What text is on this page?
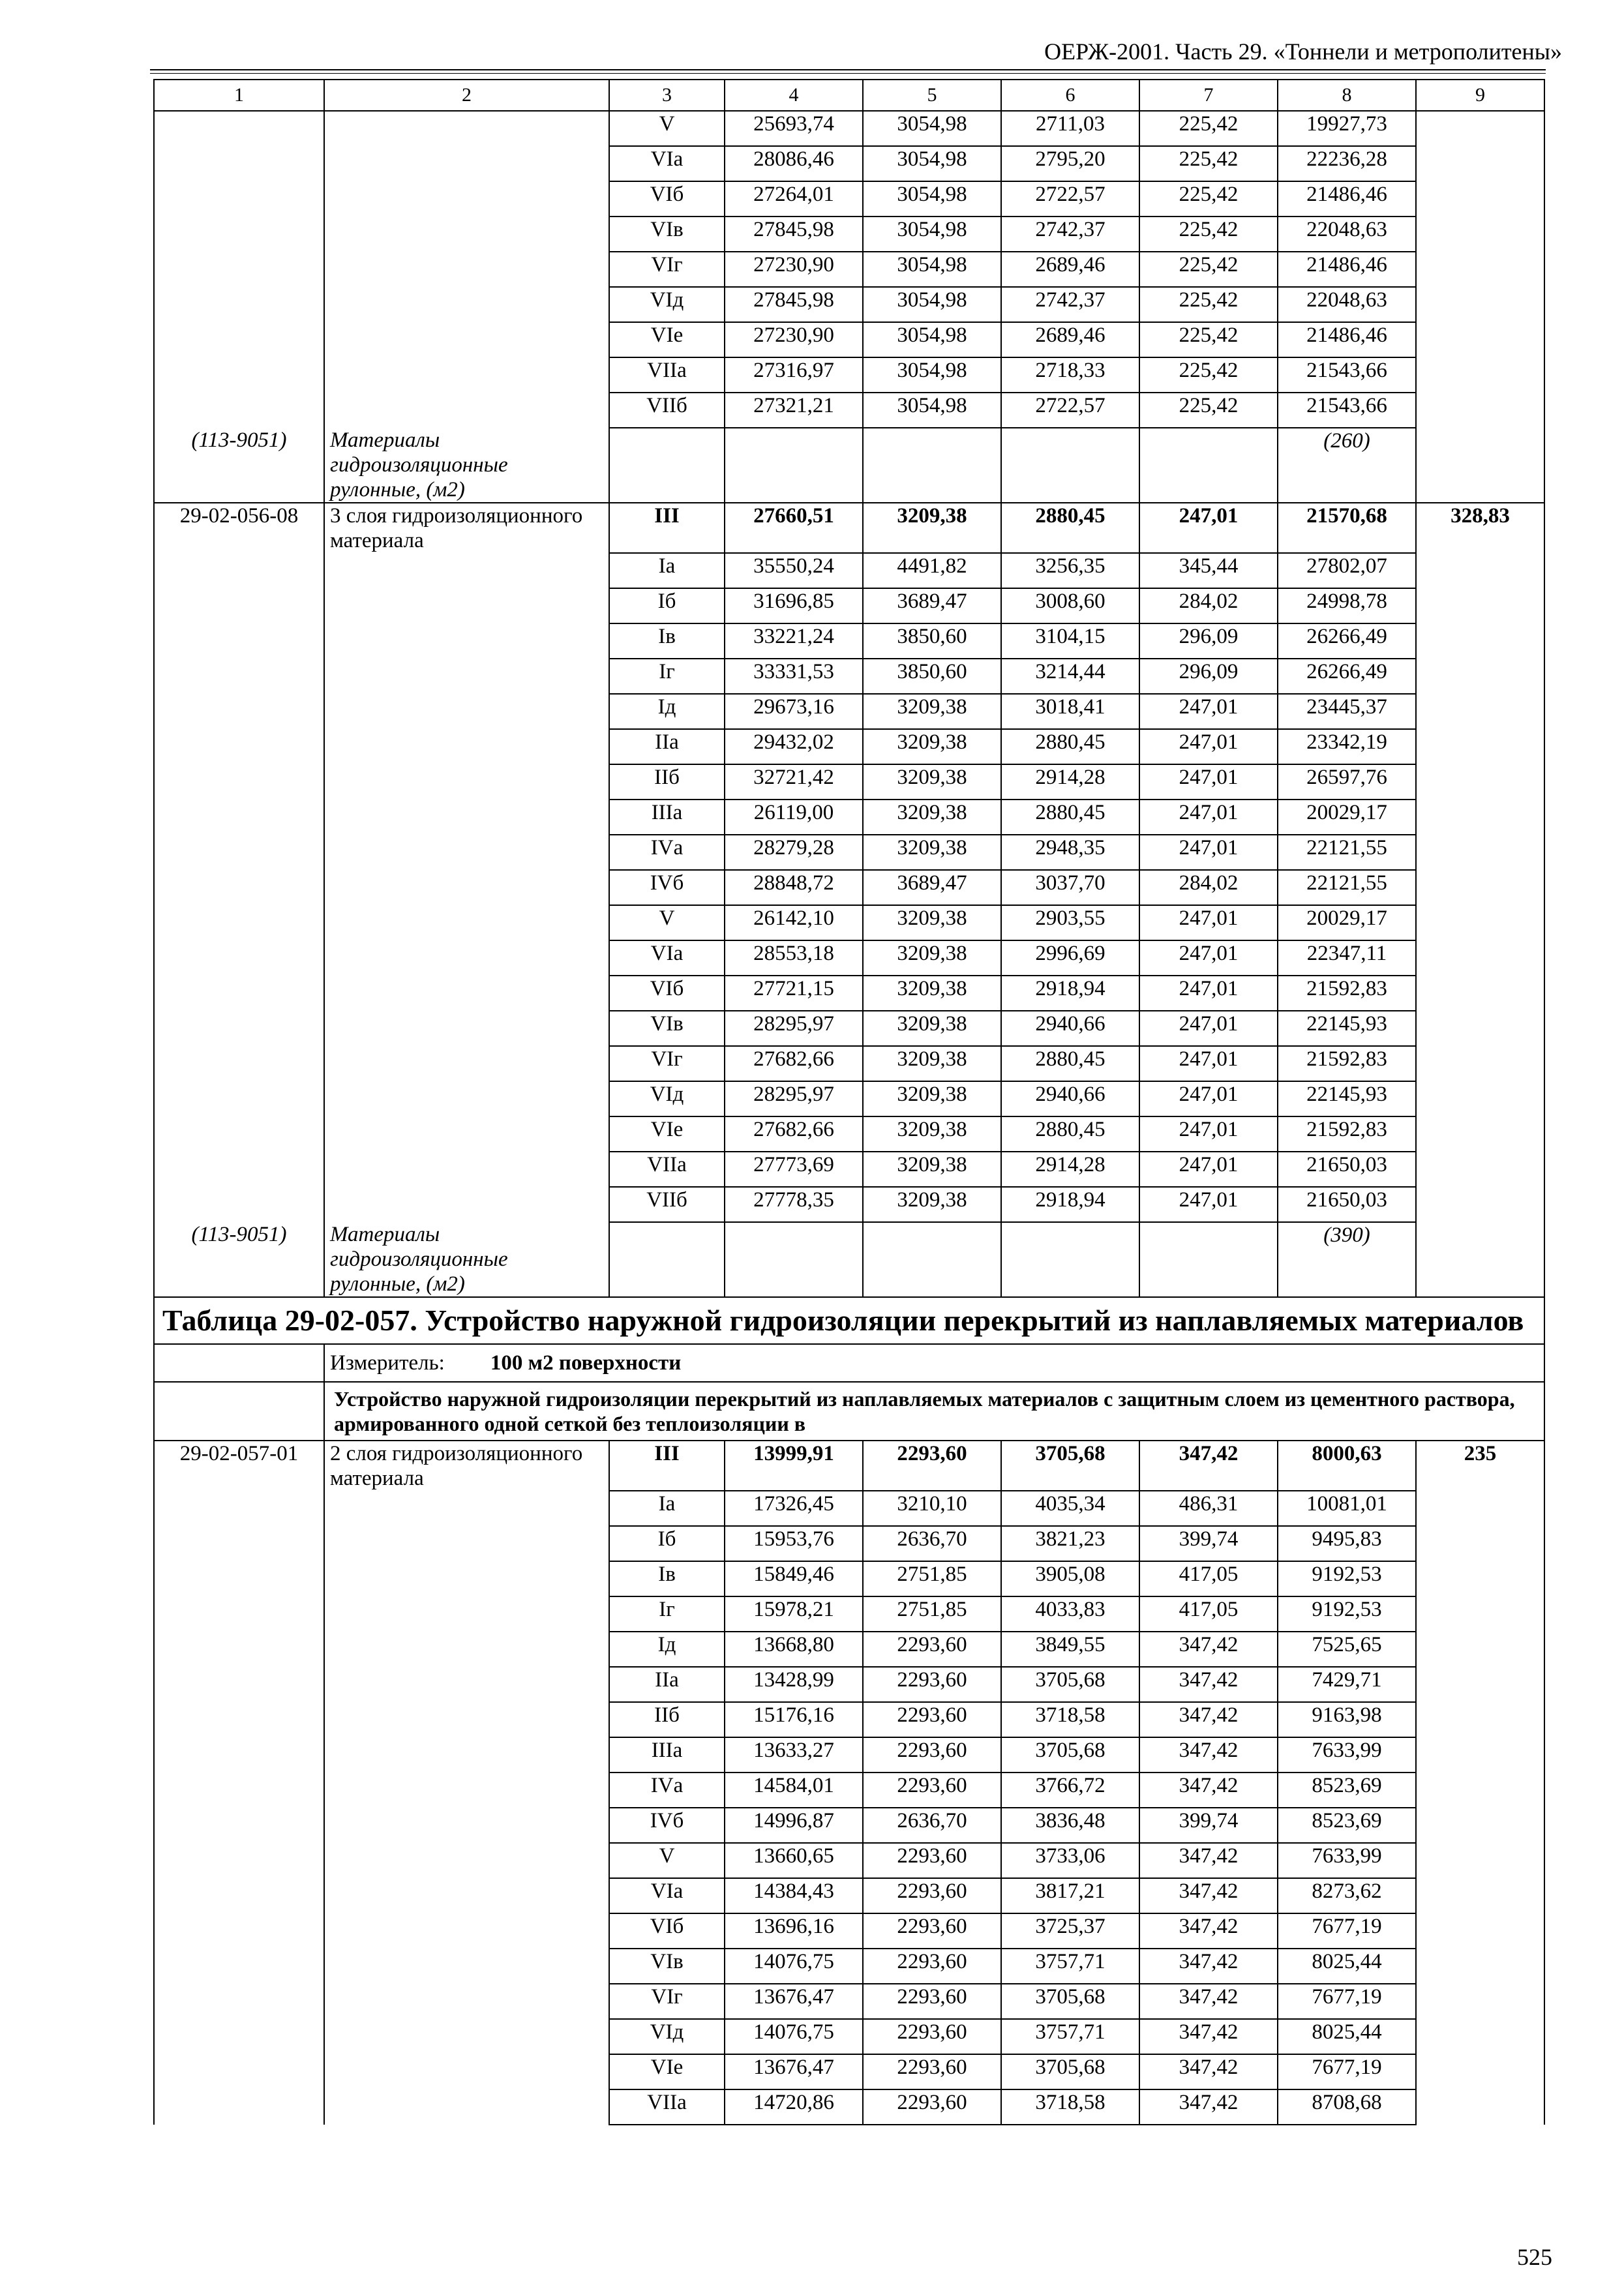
ОЕРЖ-2001. Часть 29. «Тоннели и метрополитены»
1	2	3	4	5	6	7	8	9
		V	25693,74	3054,98	2711,03	225,42	19927,73	
		VIа	28086,46	3054,98	2795,20	225,42	22236,28	
		VIб	27264,01	3054,98	2722,57	225,42	21486,46	
		VIв	27845,98	3054,98	2742,37	225,42	22048,63	
		VIг	27230,90	3054,98	2689,46	225,42	21486,46	
		VIд	27845,98	3054,98	2742,37	225,42	22048,63	
		VIе	27230,90	3054,98	2689,46	225,42	21486,46	
		VIIа	27316,97	3054,98	2718,33	225,42	21543,66	
		VIIб	27321,21	3054,98	2722,57	225,42	21543,66	
(113-9051)	Материалы гидроизоляционные рулонные, (м2)						(260)	
29-02-056-08	3 слоя гидроизоляционного материала	III	27660,51	3209,38	2880,45	247,01	21570,68	328,83
		Iа	35550,24	4491,82	3256,35	345,44	27802,07	
		Iб	31696,85	3689,47	3008,60	284,02	24998,78	
		Iв	33221,24	3850,60	3104,15	296,09	26266,49	
		Iг	33331,53	3850,60	3214,44	296,09	26266,49	
		Iд	29673,16	3209,38	3018,41	247,01	23445,37	
		IIа	29432,02	3209,38	2880,45	247,01	23342,19	
		IIб	32721,42	3209,38	2914,28	247,01	26597,76	
		IIIа	26119,00	3209,38	2880,45	247,01	20029,17	
		IVа	28279,28	3209,38	2948,35	247,01	22121,55	
		IVб	28848,72	3689,47	3037,70	284,02	22121,55	
		V	26142,10	3209,38	2903,55	247,01	20029,17	
		VIа	28553,18	3209,38	2996,69	247,01	22347,11	
		VIб	27721,15	3209,38	2918,94	247,01	21592,83	
		VIв	28295,97	3209,38	2940,66	247,01	22145,93	
		VIг	27682,66	3209,38	2880,45	247,01	21592,83	
		VIд	28295,97	3209,38	2940,66	247,01	22145,93	
		VIе	27682,66	3209,38	2880,45	247,01	21592,83	
		VIIа	27773,69	3209,38	2914,28	247,01	21650,03	
		VIIб	27778,35	3209,38	2918,94	247,01	21650,03	
(113-9051)	Материалы гидроизоляционные рулонные, (м2)						(390)	
Таблица 29-02-057. Устройство наружной гидроизоляции перекрытий из наплавляемых материалов								
	Измеритель: 100 м2 поверхности							
	Устройство наружной гидроизоляции перекрытий из наплавляемых материалов с защитным слоем из цементного раствора, армированного одной сеткой без теплоизоляции в							
29-02-057-01	2 слоя гидроизоляционного материала	III	13999,91	2293,60	3705,68	347,42	8000,63	235
		Iа	17326,45	3210,10	4035,34	486,31	10081,01	
		Iб	15953,76	2636,70	3821,23	399,74	9495,83	
		Iв	15849,46	2751,85	3905,08	417,05	9192,53	
		Iг	15978,21	2751,85	4033,83	417,05	9192,53	
		Iд	13668,80	2293,60	3849,55	347,42	7525,65	
		IIа	13428,99	2293,60	3705,68	347,42	7429,71	
		IIб	15176,16	2293,60	3718,58	347,42	9163,98	
		IIIа	13633,27	2293,60	3705,68	347,42	7633,99	
		IVа	14584,01	2293,60	3766,72	347,42	8523,69	
		IVб	14996,87	2636,70	3836,48	399,74	8523,69	
		V	13660,65	2293,60	3733,06	347,42	7633,99	
		VIа	14384,43	2293,60	3817,21	347,42	8273,62	
		VIб	13696,16	2293,60	3725,37	347,42	7677,19	
		VIв	14076,75	2293,60	3757,71	347,42	8025,44	
		VIг	13676,47	2293,60	3705,68	347,42	7677,19	
		VIд	14076,75	2293,60	3757,71	347,42	8025,44	
		VIе	13676,47	2293,60	3705,68	347,42	7677,19	
		VIIа	14720,86	2293,60	3718,58	347,42	8708,68	
525
